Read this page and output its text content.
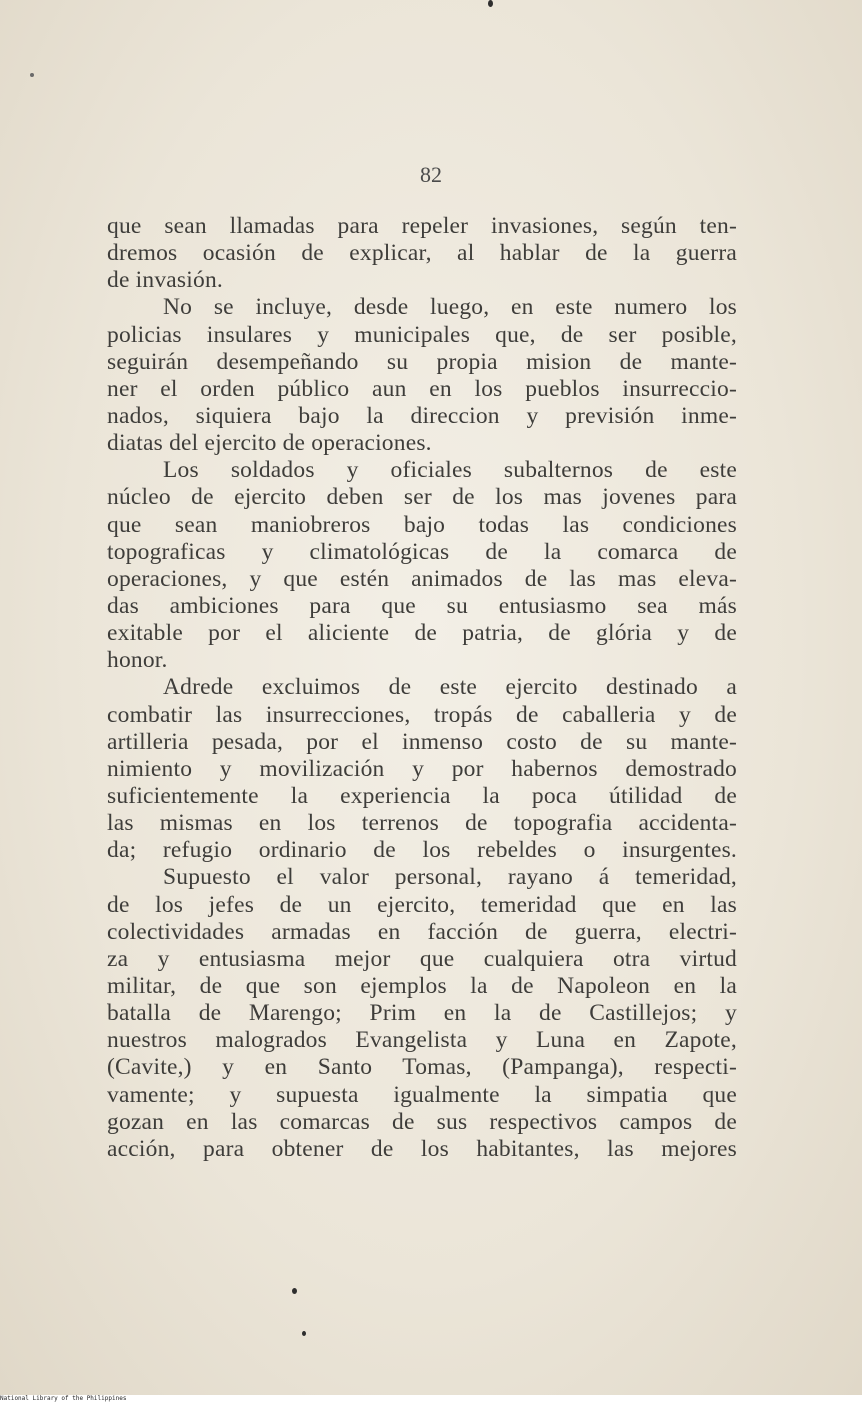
82
que sean llamadas para repeler invasiones, según ten-
dremos ocasión de explicar, al hablar de la guerra
de invasión.
No se incluye, desde luego, en este numero los
policias insulares y municipales que, de ser posible,
seguirán desempeñando su propia mision de mante-
ner el orden público aun en los pueblos insurreccio-
nados, siquiera bajo la direccion y previsión inme-
diatas del ejercito de operaciones.
Los soldados y oficiales subalternos de este
núcleo de ejercito deben ser de los mas jovenes para
que sean maniobreros bajo todas las condiciones
topograficas y climatológicas de la comarca de
operaciones, y que estén animados de las mas eleva-
das ambiciones para que su entusiasmo sea más
exitable por el aliciente de patria, de glória y de
honor.
Adrede excluimos de este ejercito destinado a
combatir las insurrecciones, tropás de caballeria y de
artilleria pesada, por el inmenso costo de su mante-
nimiento y movilización y por habernos demostrado
suficientemente la experiencia la poca útilidad de
las mismas en los terrenos de topografia accidenta-
da; refugio ordinario de los rebeldes o insurgentes.
Supuesto el valor personal, rayano á temeridad,
de los jefes de un ejercito, temeridad que en las
colectividades armadas en facción de guerra, electri-
za y entusiasma mejor que cualquiera otra virtud
militar, de que son ejemplos la de Napoleon en la
batalla de Marengo; Prim en la de Castillejos; y
nuestros malogrados Evangelista y Luna en Zapote,
(Cavite,) y en Santo Tomas, (Pampanga), respecti-
vamente; y supuesta igualmente la simpatia que
gozan en las comarcas de sus respectivos campos de
acción, para obtener de los habitantes, las mejores
National Library of the Philippines
